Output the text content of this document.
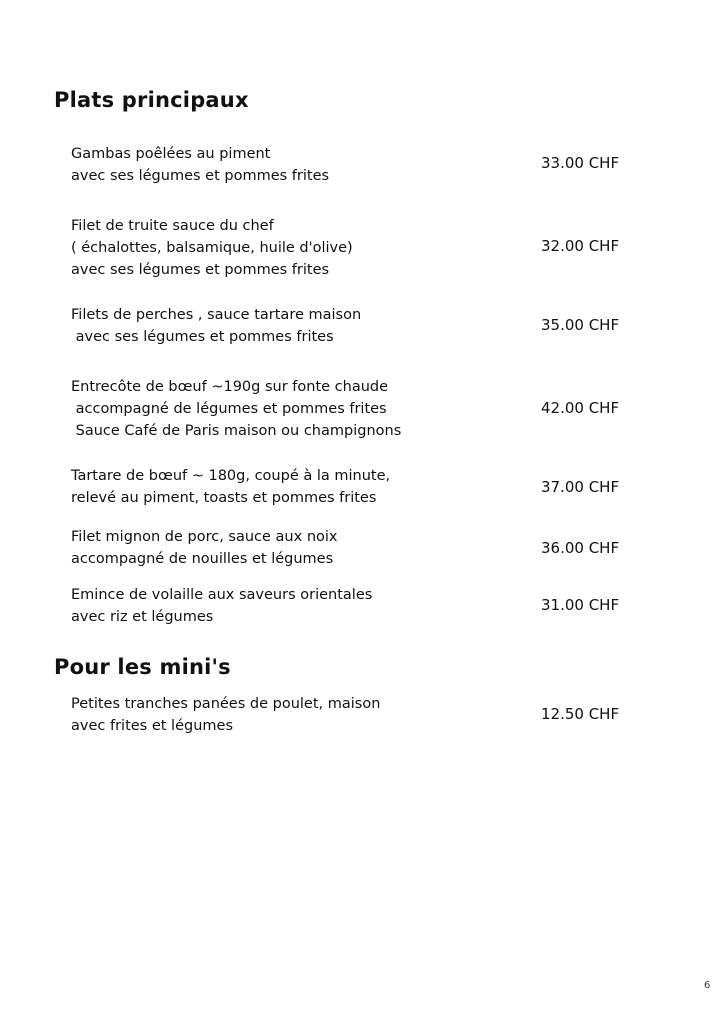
Plats principaux
Gambas poêlées au piment
avec ses légumes et pommes frites
33.00 CHF
Filet de truite sauce du chef
( échalottes, balsamique, huile d'olive)
avec ses légumes et pommes frites
32.00 CHF
Filets de perches , sauce tartare maison
avec ses légumes et pommes frites
35.00 CHF
Entrecôte de bœuf ~190g sur fonte chaude
accompagné de légumes et pommes frites
Sauce Café de Paris maison ou champignons
42.00 CHF
Tartare de bœuf ~ 180g, coupé à la minute,
relevé au piment, toasts et pommes frites
37.00 CHF
Filet mignon de porc, sauce aux noix
accompagné de nouilles et légumes
36.00 CHF
Emince de volaille aux saveurs orientales
avec riz et légumes
31.00 CHF
Pour les mini's
Petites tranches panées de poulet, maison
avec frites et légumes
12.50 CHF
6
